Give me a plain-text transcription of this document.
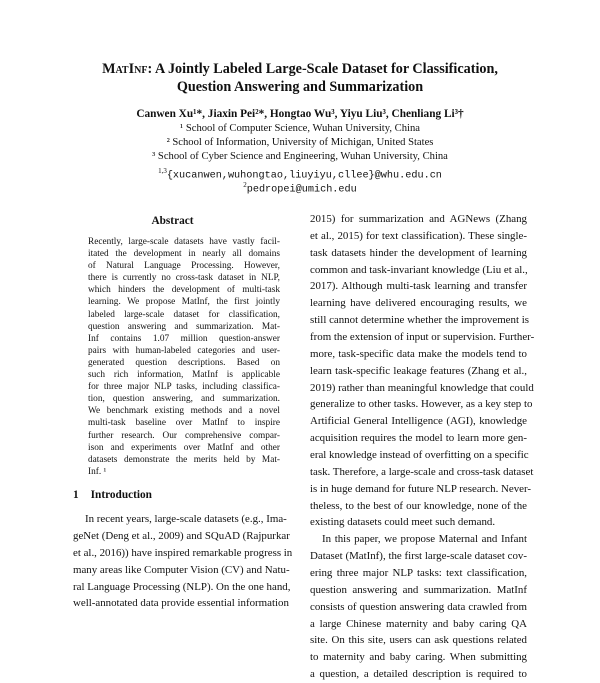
MatInf: A Jointly Labeled Large-Scale Dataset for Classification,
Question Answering and Summarization
Canwen Xu¹*, Jiaxin Pei²*, Hongtao Wu³, Yiyu Liu³, Chenliang Li³†
¹ School of Computer Science, Wuhan University, China
² School of Information, University of Michigan, United States
³ School of Cyber Science and Engineering, Wuhan University, China
$^{1,3}${xucanwen,wuhongtao,liuyiyu,cllee}@whu.edu.cn
$^2$pedropei@umich.edu
Abstract
Recently, large-scale datasets have vastly facil-
itated the development in nearly all domains
of Natural Language Processing. However,
there is currently no cross-task dataset in NLP,
which hinders the development of multi-task
learning. We propose MatInf, the first jointly
labeled large-scale dataset for classification,
question answering and summarization. Mat-
Inf contains 1.07 million question-answer
pairs with human-labeled categories and user-
generated question descriptions. Based on
such rich information, MatInf is applicable
for three major NLP tasks, including classifica-
tion, question answering, and summarization.
We benchmark existing methods and a novel
multi-task baseline over MatInf to inspire
further research. Our comprehensive compar-
ison and experiments over MatInf and other
datasets demonstrate the merits held by Mat-
Inf. ¹
1 Introduction
In recent years, large-scale datasets (e.g., Ima-
geNet (Deng et al., 2009) and SQuAD (Rajpurkar
et al., 2016)) have inspired remarkable progress in
many areas like Computer Vision (CV) and Natu-
ral Language Processing (NLP). On the one hand,
well-annotated data provide essential information
2015) for summarization and AGNews (Zhang
et al., 2015) for text classification). These single-
task datasets hinder the development of learning
common and task-invariant knowledge (Liu et al.,
2017). Although multi-task learning and transfer
learning have delivered encouraging results, we
still cannot determine whether the improvement is
from the extension of input or supervision. Further-
more, task-specific data make the models tend to
learn task-specific leakage features (Zhang et al.,
2019) rather than meaningful knowledge that could
generalize to other tasks. However, as a key step to
Artificial General Intelligence (AGI), knowledge
acquisition requires the model to learn more gen-
eral knowledge instead of overfitting on a specific
task. Therefore, a large-scale and cross-task dataset
is in huge demand for future NLP research. Never-
theless, to the best of our knowledge, none of the
existing datasets could meet such demand.
In this paper, we propose Maternal and Infant
Dataset (MatInf), the first large-scale dataset cov-
ering three major NLP tasks: text classification,
question answering and summarization. MatInf
consists of question answering data crawled from
a large Chinese maternity and baby caring QA
site. On this site, users can ask questions related
to maternity and baby caring. When submitting
a question, a detailed description is required to
